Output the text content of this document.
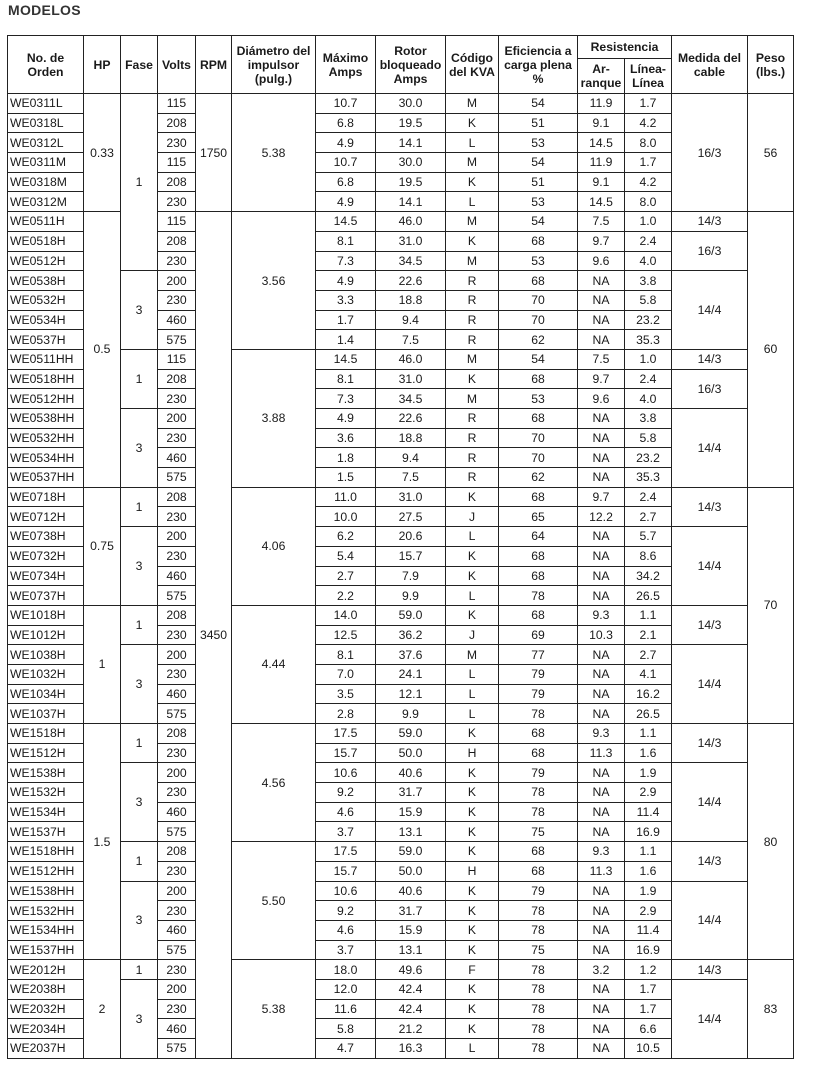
MODELOS
No. de Orden	HP	Fase	Volts	RPM	Diámetro del impulsor (pulg.)	Máximo Amps	Rotor bloqueado Amps	Código del KVA	Eficiencia a carga plena %	Resistencia		Medida del cable	Peso (lbs.)
										Ar-ranque	Línea-Línea		
WE0311L	0.33	1	115	1750	5.38	10.7	30.0	M	54	11.9	1.7	16/3	56
WE0318L			208			6.8	19.5	K	51	9.1	4.2		
WE0312L			230			4.9	14.1	L	53	14.5	8.0		
WE0311M			115			10.7	30.0	M	54	11.9	1.7		
WE0318M			208			6.8	19.5	K	51	9.1	4.2		
WE0312M			230			4.9	14.1	L	53	14.5	8.0		
WE0511H	0.5		115	3450	3.56	14.5	46.0	M	54	7.5	1.0	14/3	60
WE0518H			208			8.1	31.0	K	68	9.7	2.4	16/3	
WE0512H			230			7.3	34.5	M	53	9.6	4.0		
WE0538H		3	200			4.9	22.6	R	68	NA	3.8	14/4	
WE0532H			230			3.3	18.8	R	70	NA	5.8		
WE0534H			460			1.7	9.4	R	70	NA	23.2		
WE0537H			575			1.4	7.5	R	62	NA	35.3		
WE0511HH		1	115		3.88	14.5	46.0	M	54	7.5	1.0	14/3	
WE0518HH			208			8.1	31.0	K	68	9.7	2.4	16/3	
WE0512HH			230			7.3	34.5	M	53	9.6	4.0		
WE0538HH		3	200			4.9	22.6	R	68	NA	3.8	14/4	
WE0532HH			230			3.6	18.8	R	70	NA	5.8		
WE0534HH			460			1.8	9.4	R	70	NA	23.2		
WE0537HH			575			1.5	7.5	R	62	NA	35.3		
WE0718H	0.75	1	208		4.06	11.0	31.0	K	68	9.7	2.4	14/3	70
WE0712H			230			10.0	27.5	J	65	12.2	2.7		
WE0738H		3	200			6.2	20.6	L	64	NA	5.7	14/4	
WE0732H			230			5.4	15.7	K	68	NA	8.6		
WE0734H			460			2.7	7.9	K	68	NA	34.2		
WE0737H			575			2.2	9.9	L	78	NA	26.5		
WE1018H	1	1	208		4.44	14.0	59.0	K	68	9.3	1.1	14/3	
WE1012H			230			12.5	36.2	J	69	10.3	2.1		
WE1038H		3	200			8.1	37.6	M	77	NA	2.7	14/4	
WE1032H			230			7.0	24.1	L	79	NA	4.1		
WE1034H			460			3.5	12.1	L	79	NA	16.2		
WE1037H			575			2.8	9.9	L	78	NA	26.5		
WE1518H	1.5	1	208		4.56	17.5	59.0	K	68	9.3	1.1	14/3	80
WE1512H			230			15.7	50.0	H	68	11.3	1.6		
WE1538H		3	200			10.6	40.6	K	79	NA	1.9	14/4	
WE1532H			230			9.2	31.7	K	78	NA	2.9		
WE1534H			460			4.6	15.9	K	78	NA	11.4		
WE1537H			575			3.7	13.1	K	75	NA	16.9		
WE1518HH		1	208		5.50	17.5	59.0	K	68	9.3	1.1	14/3	
WE1512HH			230			15.7	50.0	H	68	11.3	1.6		
WE1538HH		3	200			10.6	40.6	K	79	NA	1.9	14/4	
WE1532HH			230			9.2	31.7	K	78	NA	2.9		
WE1534HH			460			4.6	15.9	K	78	NA	11.4		
WE1537HH			575			3.7	13.1	K	75	NA	16.9		
WE2012H	2	1	230		5.38	18.0	49.6	F	78	3.2	1.2	14/3	83
WE2038H		3	200			12.0	42.4	K	78	NA	1.7	14/4	
WE2032H			230			11.6	42.4	K	78	NA	1.7		
WE2034H			460			5.8	21.2	K	78	NA	6.6		
WE2037H			575			4.7	16.3	L	78	NA	10.5		
